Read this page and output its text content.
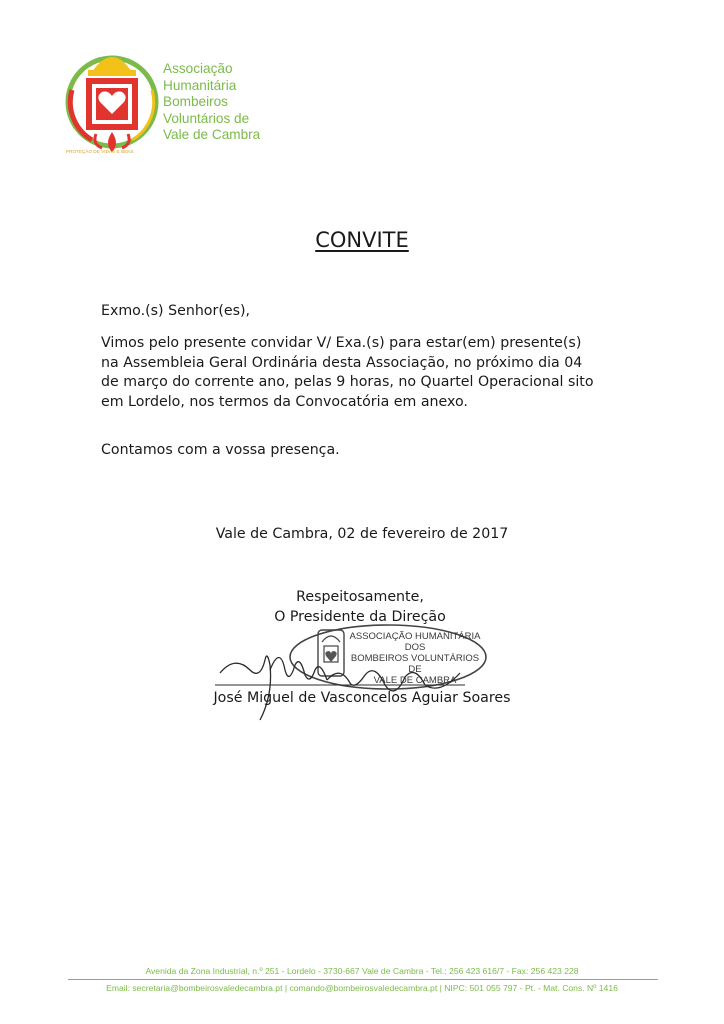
Associação
Humanitária
Bombeiros
Voluntários de
Vale de Cambra
PROTEÇÃO DE VIDAS E BENS
CONVITE
Exmo.(s) Senhor(es),
Vimos pelo presente convidar V/ Exa.(s) para estar(em) presente(s)
na Assembleia Geral Ordinária desta Associação, no próximo dia 04
de março do corrente ano, pelas 9 horas, no Quartel Operacional sito
em Lordelo, nos termos da Convocatória em anexo.
Contamos com a vossa presença.
Vale de Cambra, 02 de fevereiro de 2017
Respeitosamente,
O Presidente da Direção
ASSOCIAÇÃO HUMANITÁRIA
DOS
BOMBEIROS VOLUNTÁRIOS
DE
VALE DE CAMBRA
José Miguel de Vasconcelos Aguiar Soares
Avenida da Zona Industrial, n.º 251 - Lordelo - 3730-667 Vale de Cambra - Tel.: 256 423 616/7 - Fax: 256 423 228
Email: secretaria@bombeirosvaledecambra.pt | comando@bombeirosvaledecambra.pt | NIPC: 501 055 797 - Pt. - Mat. Cons. Nº 1416
